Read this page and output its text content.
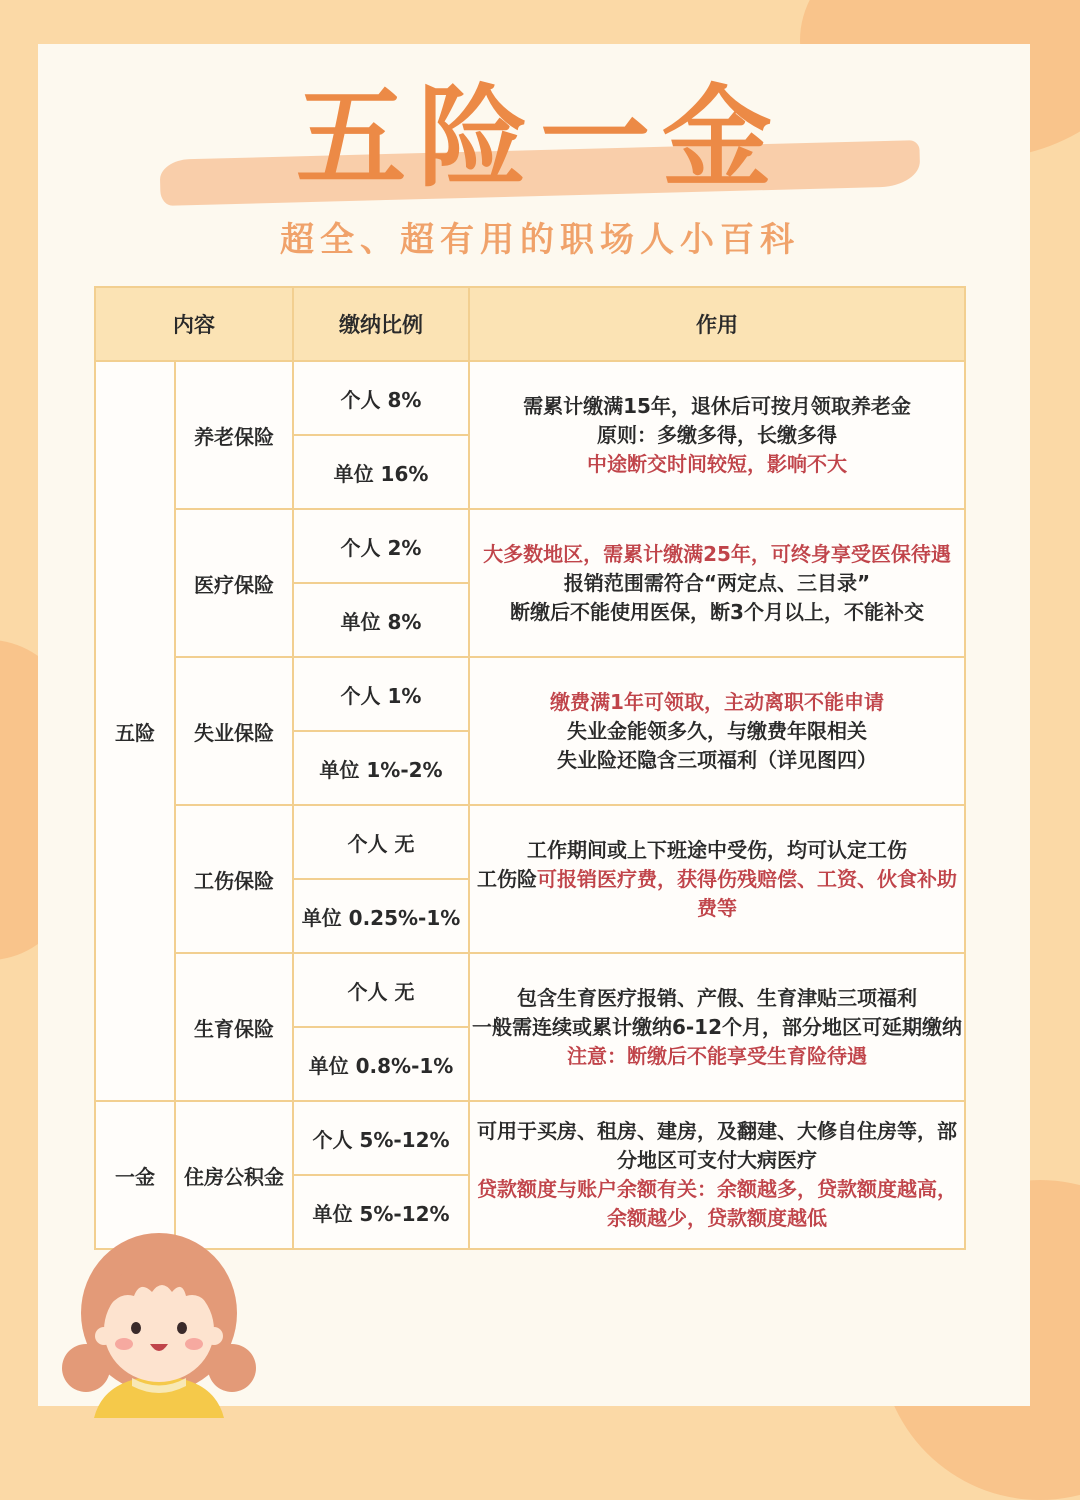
五险一金
超全、超有用的职场人小百科
内容		缴纳比例	作用
五险	养老保险	个人 8%	需累计缴满15年，退休后可按月领取养老金
原则：多缴多得，长缴多得
中途断交时间较短，影响不大

		单位 16%	
	医疗保险	个人 2%	大多数地区，需累计缴满25年，可终身享受医保待遇
报销范围需符合“两定点、三目录”
断缴后不能使用医保，断3个月以上，不能补交

		单位 8%	
	失业保险	个人 1%	缴费满1年可领取，主动离职不能申请
失业金能领多久，与缴费年限相关
失业险还隐含三项福利（详见图四）

		单位 1%-2%	
	工伤保险	个人 无	工作期间或上下班途中受伤，均可认定工伤
工伤险可报销医疗费，获得伤残赔偿、工资、伙食补助费等

		单位 0.25%-1%	
	生育保险	个人 无	包含生育医疗报销、产假、生育津贴三项福利
一般需连续或累计缴纳6-12个月，部分地区可延期缴纳
注意：断缴后不能享受生育险待遇

		单位 0.8%-1%	
一金	住房公积金	个人 5%-12%	可用于买房、租房、建房，及翻建、大修自住房等，部分地区可支付大病医疗
贷款额度与账户余额有关：余额越多，贷款额度越高，余额越少，贷款额度越低

		单位 5%-12%	
